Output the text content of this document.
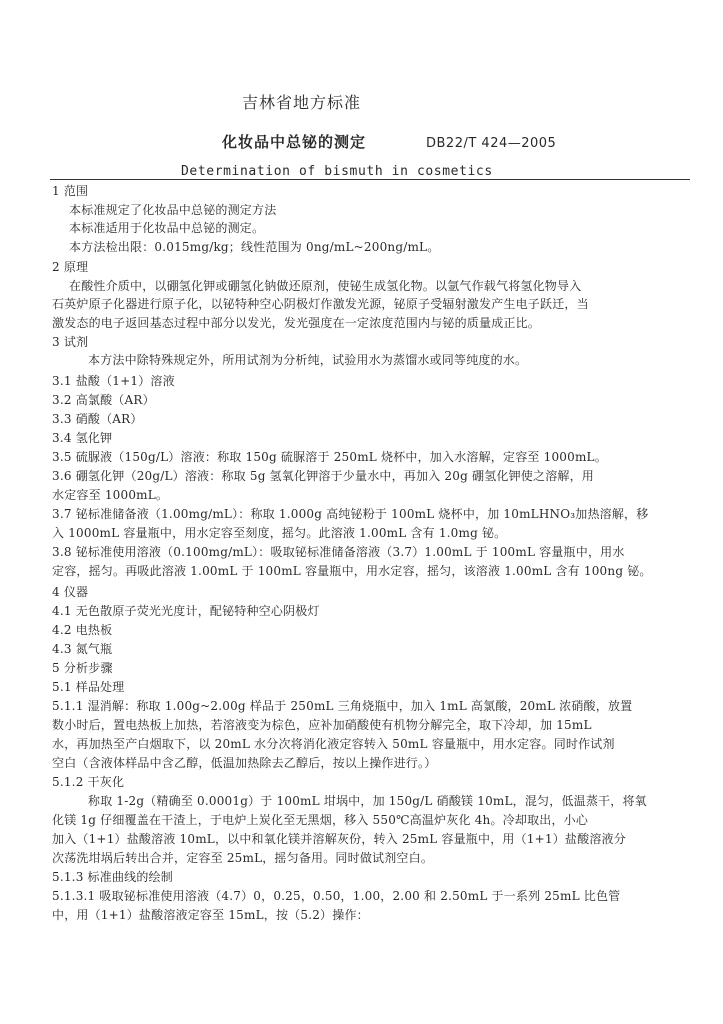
吉林省地方标准
化妆品中总铋的测定	DB22/T 424—2005
Determination of bismuth in cosmetics
1 范围
本标准规定了化妆品中总铋的测定方法
本标准适用于化妆品中总铋的测定。
本方法检出限：0.015mg/kg；线性范围为 0ng/mL~200ng/mL。
2 原理
在酸性介质中，以硼氢化钾或硼氢化钠做还原剂，使铋生成氢化物。以氩气作载气将氢化物导入
石英炉原子化器进行原子化，以铋特种空心阴极灯作激发光源，铋原子受辐射激发产生电子跃迁，当
激发态的电子返回基态过程中部分以发光，发光强度在一定浓度范围内与铋的质量成正比。
3 试剂
本方法中除特殊规定外，所用试剂为分析纯，试验用水为蒸馏水或同等纯度的水。
3.1 盐酸（1+1）溶液
3.2 高氯酸（AR）
3.3 硝酸（AR）
3.4 氢化钾
3.5 硫脲液（150g/L）溶液：称取 150g 硫脲溶于 250mL 烧杯中，加入水溶解，定容至 1000mL。
3.6 硼氢化钾（20g/L）溶液：称取 5g 氢氧化钾溶于少量水中，再加入 20g 硼氢化钾使之溶解，用
水定容至 1000mL。
3.7 铋标准储备液（1.00mg/mL）：称取 1.000g 高纯铋粉于 100mL 烧杯中，加 10mLHNO₃加热溶解，移
入 1000mL 容量瓶中，用水定容至刻度，摇匀。此溶液 1.00mL 含有 1.0mg 铋。
3.8 铋标准使用溶液（0.100mg/mL）：吸取铋标准储备溶液（3.7）1.00mL 于 100mL 容量瓶中，用水
定容，摇匀。再吸此溶液 1.00mL 于 100mL 容量瓶中，用水定容，摇匀，该溶液 1.00mL 含有 100ng 铋。
4 仪器
4.1 无色散原子荧光光度计，配铋特种空心阴极灯
4.2 电热板
4.3 氮气瓶
5 分析步骤
5.1 样品处理
5.1.1 湿消解：称取 1.00g~2.00g 样品于 250mL 三角烧瓶中，加入 1mL 高氯酸，20mL 浓硝酸，放置
数小时后，置电热板上加热，若溶液变为棕色，应补加硝酸使有机物分解完全，取下冷却，加 15mL
水，再加热至产白烟取下，以 20mL 水分次将消化液定容转入 50mL 容量瓶中，用水定容。同时作试剂
空白（含液体样品中含乙醇，低温加热除去乙醇后，按以上操作进行。）
5.1.2 干灰化
称取 1-2g（精确至 0.0001g）于 100mL 坩埚中，加 150g/L 硝酸镁 10mL，混匀，低温蒸干，将氧
化镁 1g 仔细覆盖在干渣上，于电炉上炭化至无黑烟，移入 550℃高温炉灰化 4h。冷却取出，小心
加入（1+1）盐酸溶液 10mL，以中和氧化镁并溶解灰份，转入 25mL 容量瓶中，用（1+1）盐酸溶液分
次荡洗坩埚后转出合并，定容至 25mL，摇匀备用。同时做试剂空白。
5.1.3 标准曲线的绘制
5.1.3.1 吸取铋标准使用溶液（4.7）0，0.25，0.50，1.00，2.00 和 2.50mL 于一系列 25mL 比色管
中，用（1+1）盐酸溶液定容至 15mL，按（5.2）操作：
